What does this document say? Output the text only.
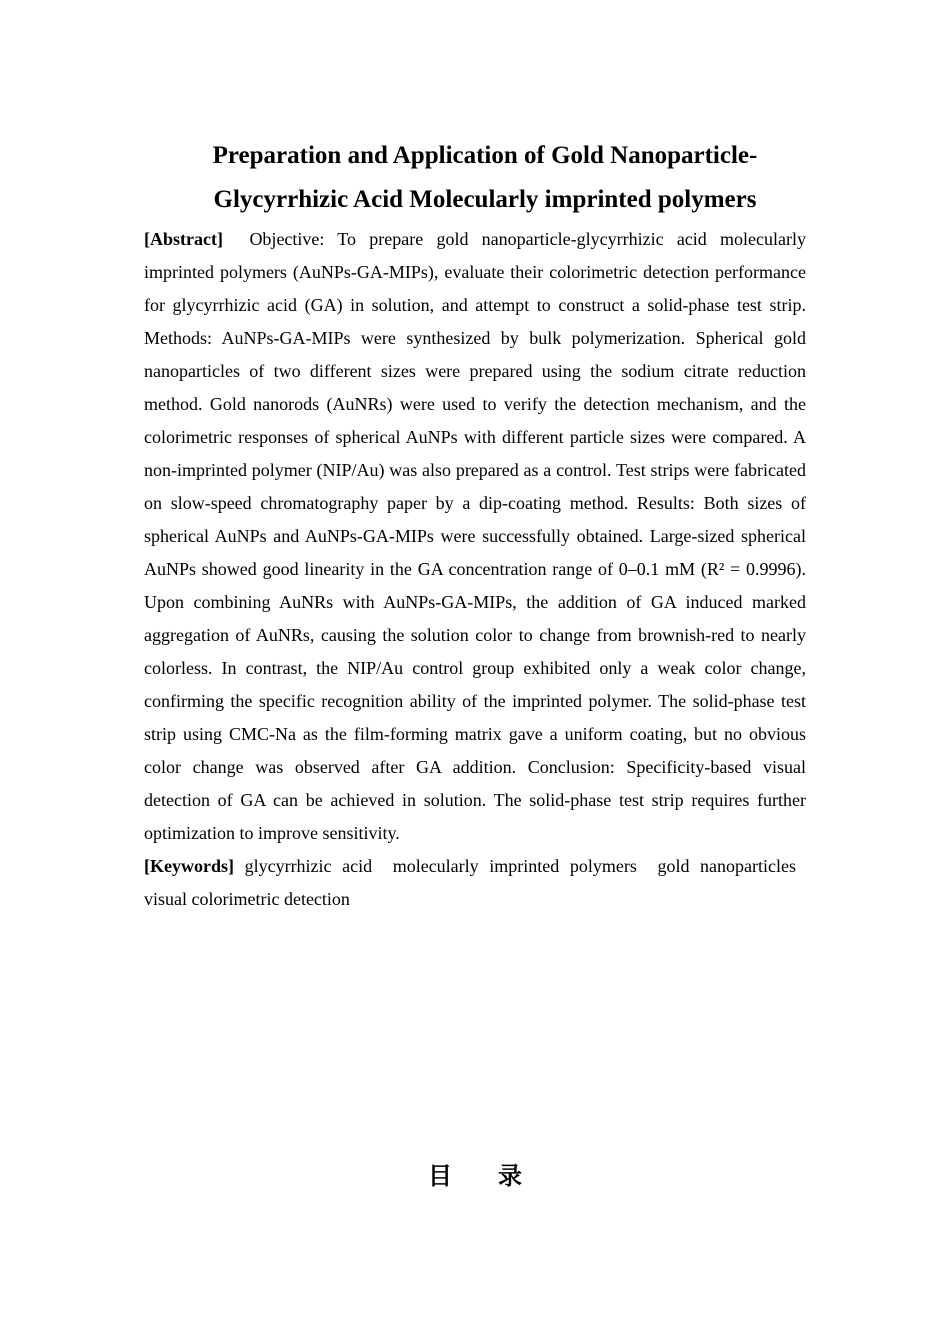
Preparation and Application of Gold Nanoparticle-
Glycyrrhizic Acid Molecularly imprinted polymers

[Abstract] Objective: To prepare gold nanoparticle-glycyrrhizic acid molecularly imprinted polymers (AuNPs-GA-MIPs), evaluate their colorimetric detection performance for glycyrrhizic acid (GA) in solution, and attempt to construct a solid-phase test strip. Methods: AuNPs-GA-MIPs were synthesized by bulk polymerization. Spherical gold nanoparticles of two different sizes were prepared using the sodium citrate reduction method. Gold nanorods (AuNRs) were used to verify the detection mechanism, and the colorimetric responses of spherical AuNPs with different particle sizes were compared. A non-imprinted polymer (NIP/Au) was also prepared as a control. Test strips were fabricated on slow-speed chromatography paper by a dip-coating method. Results: Both sizes of spherical AuNPs and AuNPs-GA-MIPs were successfully obtained. Large-sized spherical AuNPs showed good linearity in the GA concentration range of 0–0.1 mM (R² = 0.9996). Upon combining AuNRs with AuNPs-GA-MIPs, the addition of GA induced marked aggregation of AuNRs, causing the solution color to change from brownish-red to nearly colorless. In contrast, the NIP/Au control group exhibited only a weak color change, confirming the specific recognition ability of the imprinted polymer. The solid-phase test strip using CMC-Na as the film-forming matrix gave a uniform coating, but no obvious color change was observed after GA addition. Conclusion: Specificity-based visual detection of GA can be achieved in solution. The solid-phase test strip requires further optimization to improve sensitivity.

[Keywords] glycyrrhizic acid molecularly imprinted polymers gold nanoparticles visual colorimetric detection

目 录
